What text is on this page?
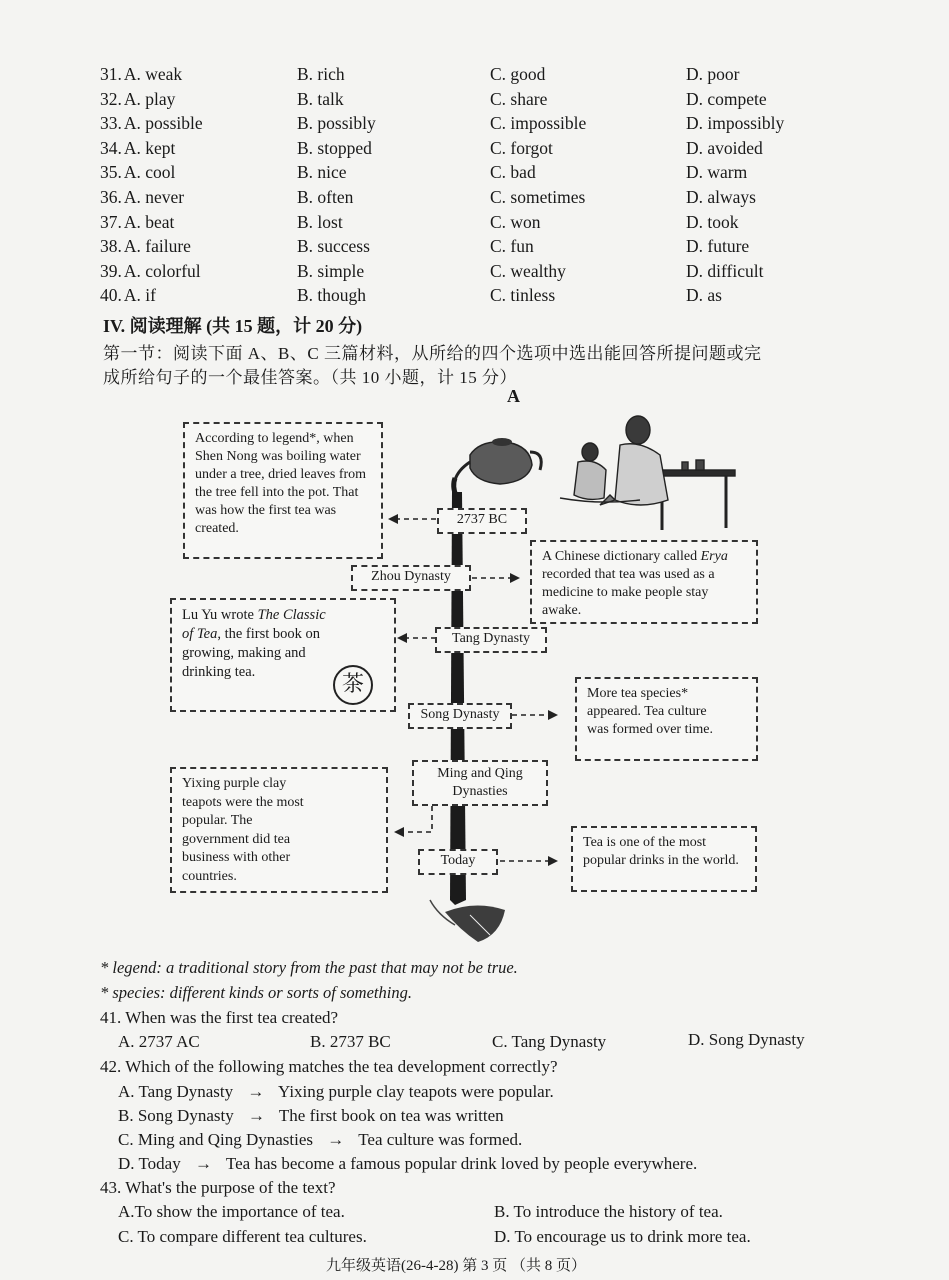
31. A. weak	B. rich	C. good	D. poor
32. A. play	B. talk	C. share	D. compete
33. A. possible	B. possibly	C. impossible	D. impossibly
34. A. kept	B. stopped	C. forgot	D. avoided
35. A. cool	B. nice	C. bad	D. warm
36. A. never	B. often	C. sometimes	D. always
37. A. beat	B. lost	C. won	D. took
38. A. failure	B. success	C. fun	D. future
39. A. colorful	B. simple	C. wealthy	D. difficult
40. A. if	B. though	C. tinless	D. as
IV. 阅读理解 (共 15 题，计 20 分)
第一节：阅读下面 A、B、C 三篇材料，从所给的四个选项中选出能回答所提问题或完
成所给句子的一个最佳答案。（共 10 小题，计 15 分）
A
2737 BC
Zhou Dynasty
Tang Dynasty
Song Dynasty
Ming and Qing
Dynasties
Today
According to legend*, when Shen Nong was boiling water under a tree, dried leaves from the tree fell into the pot. That was how the first tea was created.
A Chinese dictionary called Erya recorded that tea was used as a medicine to make people stay awake.
Lu Yu wrote The Classic of Tea, the first book on growing, making and drinking tea.	茶	More tea species* appeared. Tea culture was formed over time.
Yixing purple clay teapots were the most popular. The government did tea business with other countries.
Tea is one of the most popular drinks in the world.
* legend: a traditional story from the past that may not be true.
* species: different kinds or sorts of something.
41. When was the first tea created?
A. 2737 AC	B. 2737 BC	C. Tang Dynasty	D. Song Dynasty
42. Which of the following matches the tea development correctly?
A. Tang Dynasty → Yixing purple clay teapots were popular.
B. Song Dynasty → The first book on tea was written
C. Ming and Qing Dynasties → Tea culture was formed.
D. Today → Tea has become a famous popular drink loved by people everywhere.
43. What's the purpose of the text?
A.To show the importance of tea.	B. To introduce the history of tea.
C. To compare different tea cultures.	D. To encourage us to drink more tea.
九年级英语(26-4-28) 第 3 页 （共 8 页）
